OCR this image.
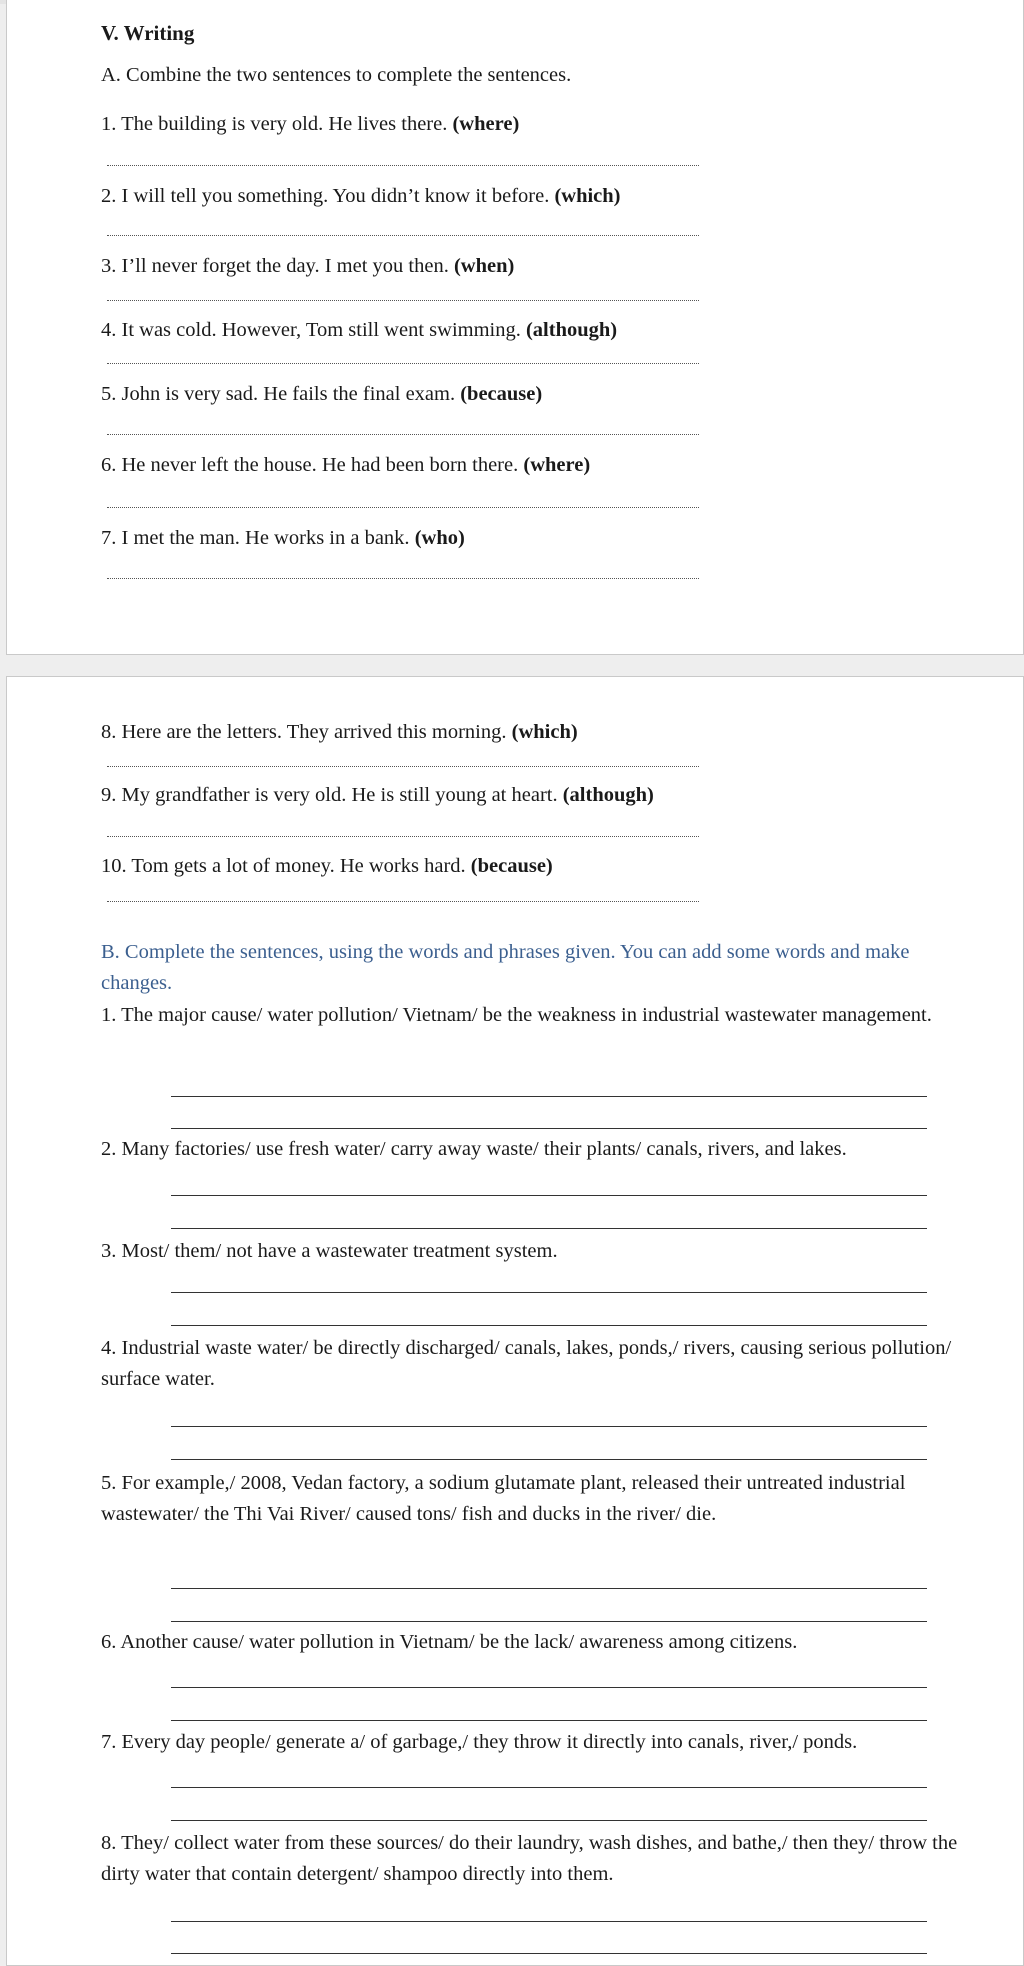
V. Writing

A. Combine the two sentences to complete the sentences.

1. The building is very old. He lives there. (where)

2. I will tell you something. You didn’t know it before. (which)

3. I’ll never forget the day. I met you then. (when)

4. It was cold. However, Tom still went swimming. (although)

5. John is very sad. He fails the final exam. (because)

6. He never left the house. He had been born there. (where)

7. I met the man. He works in a bank. (who)

8. Here are the letters. They arrived this morning. (which)

9. My grandfather is very old. He is still young at heart. (although)

10. Tom gets a lot of money. He works hard. (because)

B. Complete the sentences, using the words and phrases given. You can add some words and make changes.

1. The major cause/ water pollution/ Vietnam/ be the weakness in industrial wastewater management.

2. Many factories/ use fresh water/ carry away waste/ their plants/ canals, rivers, and lakes.

3. Most/ them/ not have a wastewater treatment system.

4. Industrial waste water/ be directly discharged/ canals, lakes, ponds,/ rivers, causing serious pollution/ surface water.

5. For example,/ 2008, Vedan factory, a sodium glutamate plant, released their untreated industrial wastewater/ the Thi Vai River/ caused tons/ fish and ducks in the river/ die.

6. Another cause/ water pollution in Vietnam/ be the lack/ awareness among citizens.

7. Every day people/ generate a/ of garbage,/ they throw it directly into canals, river,/ ponds.

8. They/ collect water from these sources/ do their laundry, wash dishes, and bathe,/ then they/ throw the dirty water that contain detergent/ shampoo directly into them.
